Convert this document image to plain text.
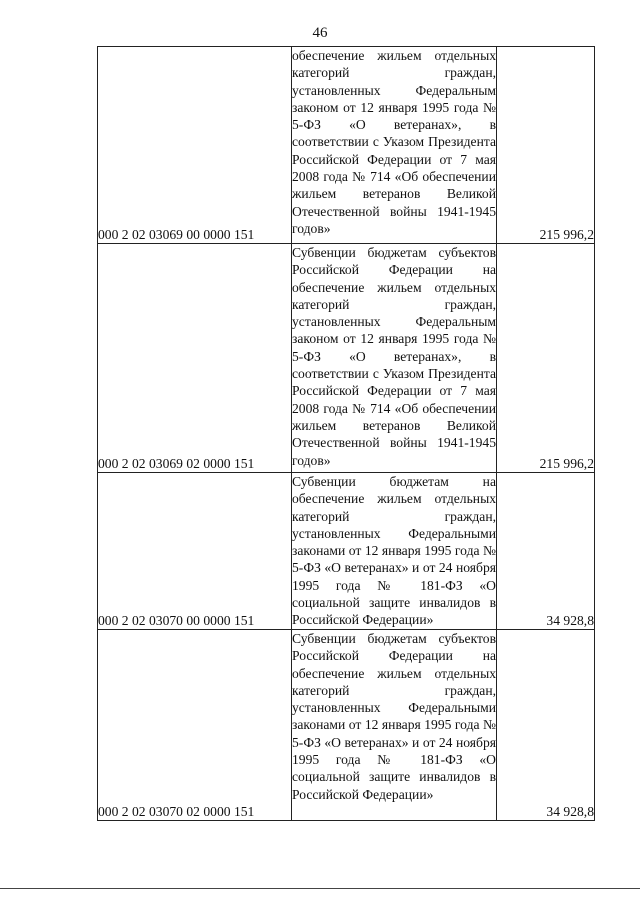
46
000 2 02 03069 00 0000 151	обеспечение жильем отдельных категорий граждан, установленных Федеральным законом от 12 января 1995 года № 5-ФЗ «О ветеранах», в соответствии с Указом Президента Российской Федерации от 7 мая 2008 года № 714 «Об обеспечении жильем ветеранов Великой Отечественной войны 1941-1945 годов»	215 996,2
000 2 02 03069 02 0000 151	Субвенции бюджетам субъектов Российской Федерации на обеспечение жильем отдельных категорий граждан, установленных Федеральным законом от 12 января 1995 года № 5-ФЗ «О ветеранах», в соответствии с Указом Президента Российской Федерации от 7 мая 2008 года № 714 «Об обеспечении жильем ветеранов Великой Отечественной войны 1941-1945 годов»	215 996,2
000 2 02 03070 00 0000 151	Субвенции бюджетам на обеспечение жильем отдельных категорий граждан, установленных Федеральными законами от 12 января 1995 года № 5-ФЗ «О ветеранах» и от 24 ноября 1995 года № 181-ФЗ «О социальной защите инвалидов в Российской Федерации»	34 928,8
000 2 02 03070 02 0000 151	Субвенции бюджетам субъектов Российской Федерации на обеспечение жильем отдельных категорий граждан, установленных Федеральными законами от 12 января 1995 года № 5-ФЗ «О ветеранах» и от 24 ноября 1995 года № 181-ФЗ «О социальной защите инвалидов в Российской Федерации»	34 928,8
